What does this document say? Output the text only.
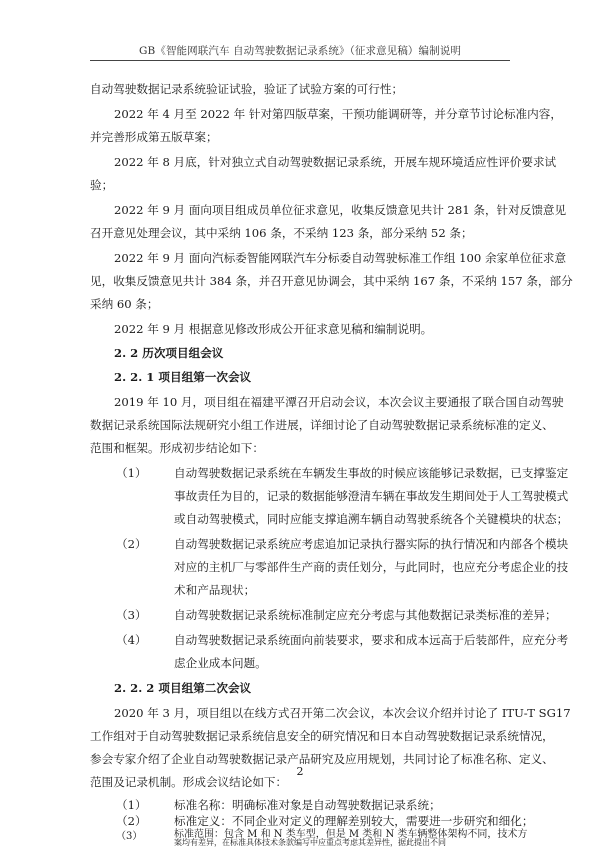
GB《智能网联汽车 自动驾驶数据记录系统》（征求意见稿）编制说明
自动驾驶数据记录系统验证试验，验证了试验方案的可行性；
2022 年 4 月至 2022 年 针对第四版草案，干预功能调研等，并分章节讨论标准内容，
并完善形成第五版草案；
2022 年 8 月底，针对独立式自动驾驶数据记录系统，开展车规环境适应性评价要求试
验；
2022 年 9 月 面向项目组成员单位征求意见，收集反馈意见共计 281 条，针对反馈意见
召开意见处理会议，其中采纳 106 条，不采纳 123 条，部分采纳 52 条；
2022 年 9 月 面向汽标委智能网联汽车分标委自动驾驶标准工作组 100 余家单位征求意
见，收集反馈意见共计 384 条，并召开意见协调会，其中采纳 167 条，不采纳 157 条，部分
采纳 60 条；
2022 年 9 月 根据意见修改形成公开征求意见稿和编制说明。
2. 2 历次项目组会议
2. 2. 1 项目组第一次会议
2019 年 10 月，项目组在福建平潭召开启动会议，本次会议主要通报了联合国自动驾驶
数据记录系统国际法规研究小组工作进展，详细讨论了自动驾驶数据记录系统标准的定义、
范围和框架。形成初步结论如下：
（1） 自动驾驶数据记录系统在车辆发生事故的时候应该能够记录数据，已支撑鉴定
事故责任为目的，记录的数据能够澄清车辆在事故发生期间处于人工驾驶模式
或自动驾驶模式，同时应能支撑追溯车辆自动驾驶系统各个关键模块的状态；
（2） 自动驾驶数据记录系统应考虑追加记录执行器实际的执行情况和内部各个模块
对应的主机厂与零部件生产商的责任划分，与此同时，也应充分考虑企业的技
术和产品现状；
（3） 自动驾驶数据记录系统标准制定应充分考虑与其他数据记录类标准的差异；
（4） 自动驾驶数据记录系统面向前装要求，要求和成本远高于后装部件，应充分考
虑企业成本问题。
2. 2. 2 项目组第二次会议
2020 年 3 月，项目组以在线方式召开第二次会议，本次会议介绍并讨论了 ITU-T SG17
工作组对于自动驾驶数据记录系统信息安全的研究情况和日本自动驾驶数据记录系统情况，
参会专家介绍了企业自动驾驶数据记录产品研究及应用规划，共同讨论了标准名称、定义、
范围及记录机制。形成会议结论如下：
（1） 标准名称：明确标准对象是自动驾驶数据记录系统；
（2） 标准定义：不同企业对定义的理解差别较大，需要进一步研究和细化；
（3）	标准范围：包含 M 和 N 类车型，但是 M 类和 N 类车辆整体架构不同，技术方
案均有差异，在标准具体技术条款编写中应重点考虑其差异性，据此提出不同
2
